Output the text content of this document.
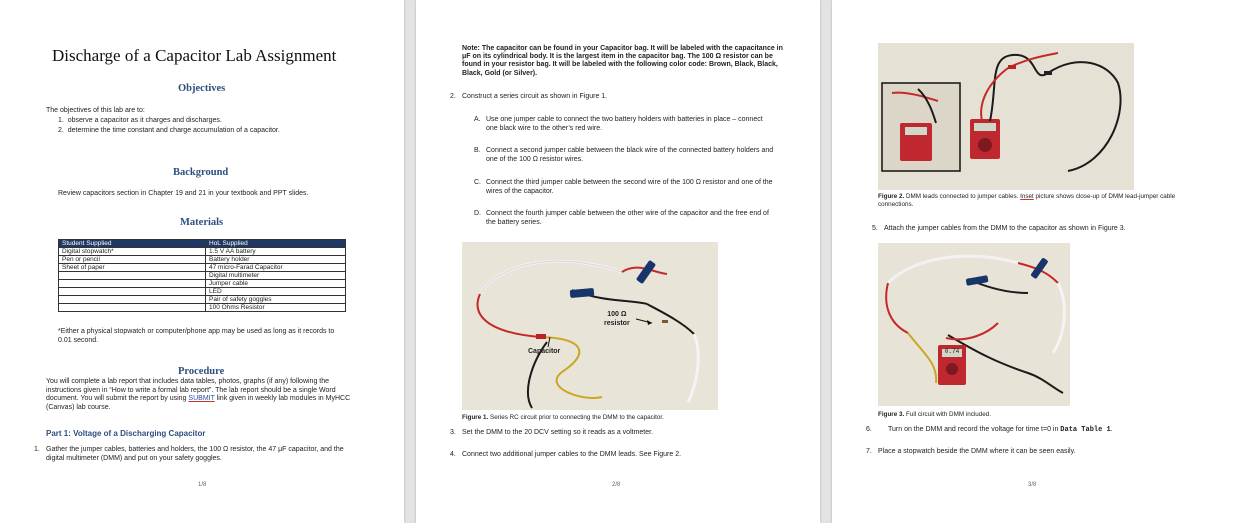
Discharge of a Capacitor Lab Assignment
Objectives
The objectives of this lab are to:
1.  observe a capacitor as it charges and discharges.
2.  determine the time constant and charge accumulation of a capacitor.
Background
Review capacitors section in Chapter 19 and 21 in your textbook and PPT slides.
Materials
Student Supplied	HoL Supplied
Digital stopwatch*	1.5 V AA battery
Pen or pencil	Battery holder
Sheet of paper	47 micro-Farad Capacitor
	Digital multimeter
	Jumper cable
	LED
	Pair of safety goggles
	100 Ohms Resistor
*Either a physical stopwatch or computer/phone app may be used as long as it records to 0.01 second.
Procedure
You will complete a lab report that includes data tables, photos, graphs (if any) following the instructions given in “How to write a formal lab report”. The lab report should be a single Word document. You will submit the report by using SUBMIT link given in weekly lab modules in MyHCC (Canvas) lab course.
Part 1: Voltage of a Discharging Capacitor
1. Gather the jumper cables, batteries and holders, the 100 Ω resistor, the 47 μF capacitor, and the digital multimeter (DMM) and put on your safety goggles.
1/8
Note: The capacitor can be found in your Capacitor bag. It will be labeled with the capacitance in μF on its cylindrical body. It is the largest item in the capacitor bag. The 100 Ω resistor can be found in your resistor bag. It will be labeled with the following color code: Brown, Black, Black, Black, Gold (or Silver).
2. Construct a series circuit as shown in Figure 1.
A. Use one jumper cable to connect the two battery holders with batteries in place – connect one black wire to the other’s red wire.
B. Connect a second jumper cable between the black wire of the connected battery holders and one of the 100 Ω resistor wires.
C. Connect the third jumper cable between the second wire of the 100 Ω resistor and one of the wires of the capacitor.
D. Connect the fourth jumper cable between the other wire of the capacitor and the free end of the battery series.
100 Ω
resistor
Capacitor
Figure 1. Series RC circuit prior to connecting the DMM to the capacitor.
3. Set the DMM to the 20 DCV setting so it reads as a voltmeter.
4. Connect two additional jumper cables to the DMM leads. See Figure 2.
2/8
Figure 2. DMM leads connected to jumper cables. Inset picture shows close-up of DMM lead-jumper cable connections.
5. Attach the jumper cables from the DMM to the capacitor as shown in Figure 3.
0.74
Figure 3. Full circuit with DMM included.
6. Turn on the DMM and record the voltage for time t=0 in Data Table 1.
7. Place a stopwatch beside the DMM where it can be seen easily.
3/8
